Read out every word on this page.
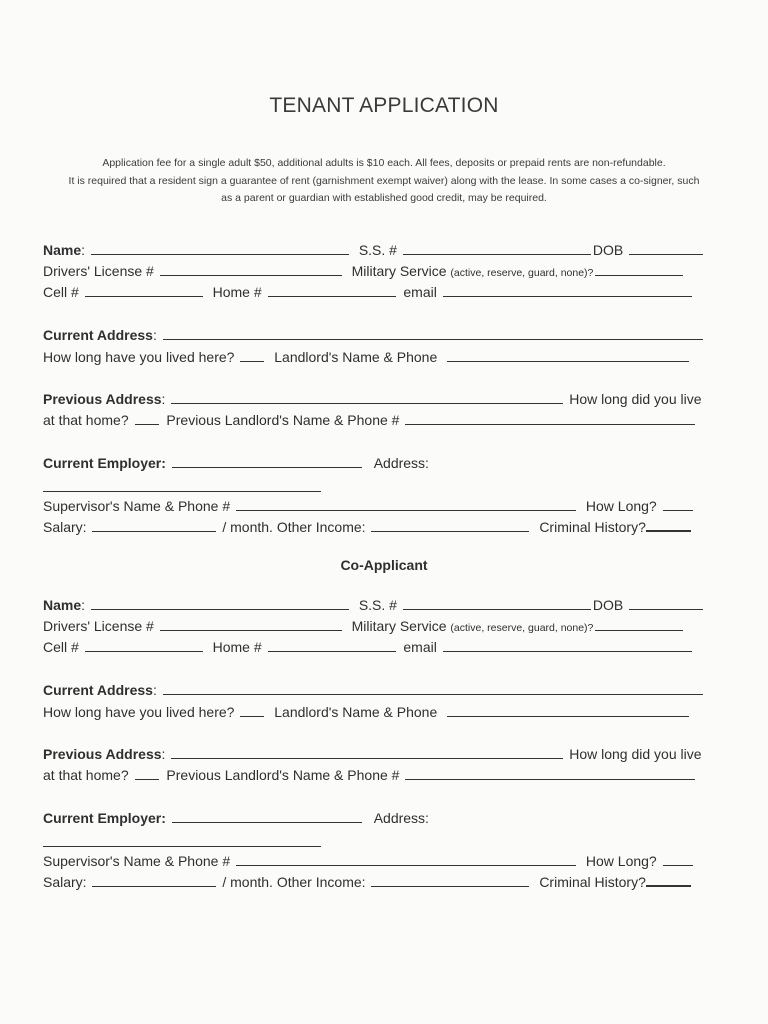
TENANT APPLICATION
Application fee for a single adult $50, additional adults is $10 each. All fees, deposits or prepaid rents are non-refundable.
It is required that a resident sign a guarantee of rent (garnishment exempt waiver) along with the lease. In some cases a co-signer, such
as a parent or guardian with established good credit, may be required.
Name:	S.S. #	DOB
Drivers' License #	Military Service (active, reserve, guard, none)?
Cell #	Home #	email
Current Address:
How long have you lived here?	Landlord's Name & Phone
Previous Address:	How long did you live
at that home?	Previous Landlord's Name & Phone #
Current Employer:	Address:
Supervisor's Name & Phone #	How Long?
Salary:	/ month. Other Income:	Criminal History?
Co-Applicant
Name:	S.S. #	DOB
Drivers' License #	Military Service (active, reserve, guard, none)?
Cell #	Home #	email
Current Address:
How long have you lived here?	Landlord's Name & Phone
Previous Address:	How long did you live
at that home?	Previous Landlord's Name & Phone #
Current Employer:	Address:
Supervisor's Name & Phone #	How Long?
Salary:	/ month. Other Income:	Criminal History?
